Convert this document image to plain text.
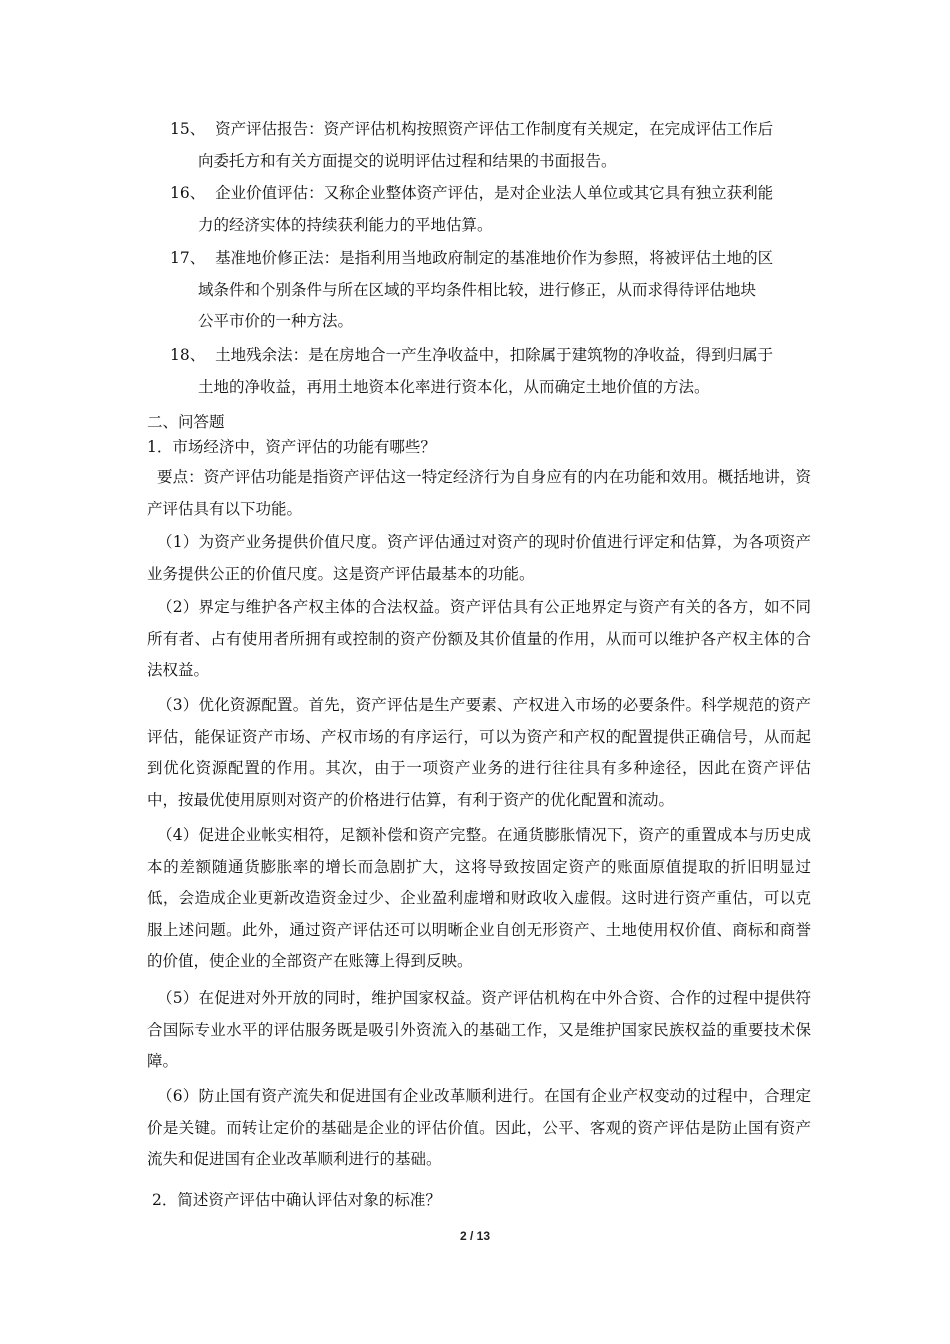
15、 资产评估报告：资产评估机构按照资产评估工作制度有关规定，在完成评估工作后
向委托方和有关方面提交的说明评估过程和结果的书面报告。
16、 企业价值评估：又称企业整体资产评估，是对企业法人单位或其它具有独立获利能
力的经济实体的持续获利能力的平地估算。
17、 基准地价修正法：是指利用当地政府制定的基准地价作为参照，将被评估土地的区
域条件和个别条件与所在区域的平均条件相比较，进行修正，从而求得待评估地块
公平市价的一种方法。
18、 土地残余法：是在房地合一产生净收益中，扣除属于建筑物的净收益，得到归属于
土地的净收益，再用土地资本化率进行资本化，从而确定土地价值的方法。
二、问答题
1．市场经济中，资产评估的功能有哪些？
要点：资产评估功能是指资产评估这一特定经济行为自身应有的内在功能和效用。概括地讲，资产评估具有以下功能。
（1）为资产业务提供价值尺度。资产评估通过对资产的现时价值进行评定和估算，为各项资产业务提供公正的价值尺度。这是资产评估最基本的功能。
（2）界定与维护各产权主体的合法权益。资产评估具有公正地界定与资产有关的各方，如不同所有者、占有使用者所拥有或控制的资产份额及其价值量的作用，从而可以维护各产权主体的合法权益。
（3）优化资源配置。首先，资产评估是生产要素、产权进入市场的必要条件。科学规范的资产评估，能保证资产市场、产权市场的有序运行，可以为资产和产权的配置提供正确信号，从而起到优化资源配置的作用。其次，由于一项资产业务的进行往往具有多种途径，因此在资产评估中，按最优使用原则对资产的价格进行估算，有利于资产的优化配置和流动。
（4）促进企业帐实相符，足额补偿和资产完整。在通货膨胀情况下，资产的重置成本与历史成本的差额随通货膨胀率的增长而急剧扩大，这将导致按固定资产的账面原值提取的折旧明显过低，会造成企业更新改造资金过少、企业盈利虚增和财政收入虚假。这时进行资产重估，可以克服上述问题。此外，通过资产评估还可以明晰企业自创无形资产、土地使用权价值、商标和商誉的价值，使企业的全部资产在账簿上得到反映。
（5）在促进对外开放的同时，维护国家权益。资产评估机构在中外合资、合作的过程中提供符合国际专业水平的评估服务既是吸引外资流入的基础工作，又是维护国家民族权益的重要技术保障。
（6）防止国有资产流失和促进国有企业改革顺利进行。在国有企业产权变动的过程中，合理定价是关键。而转让定价的基础是企业的评估价值。因此，公平、客观的资产评估是防止国有资产流失和促进国有企业改革顺利进行的基础。
2．简述资产评估中确认评估对象的标准？
2 / 13
